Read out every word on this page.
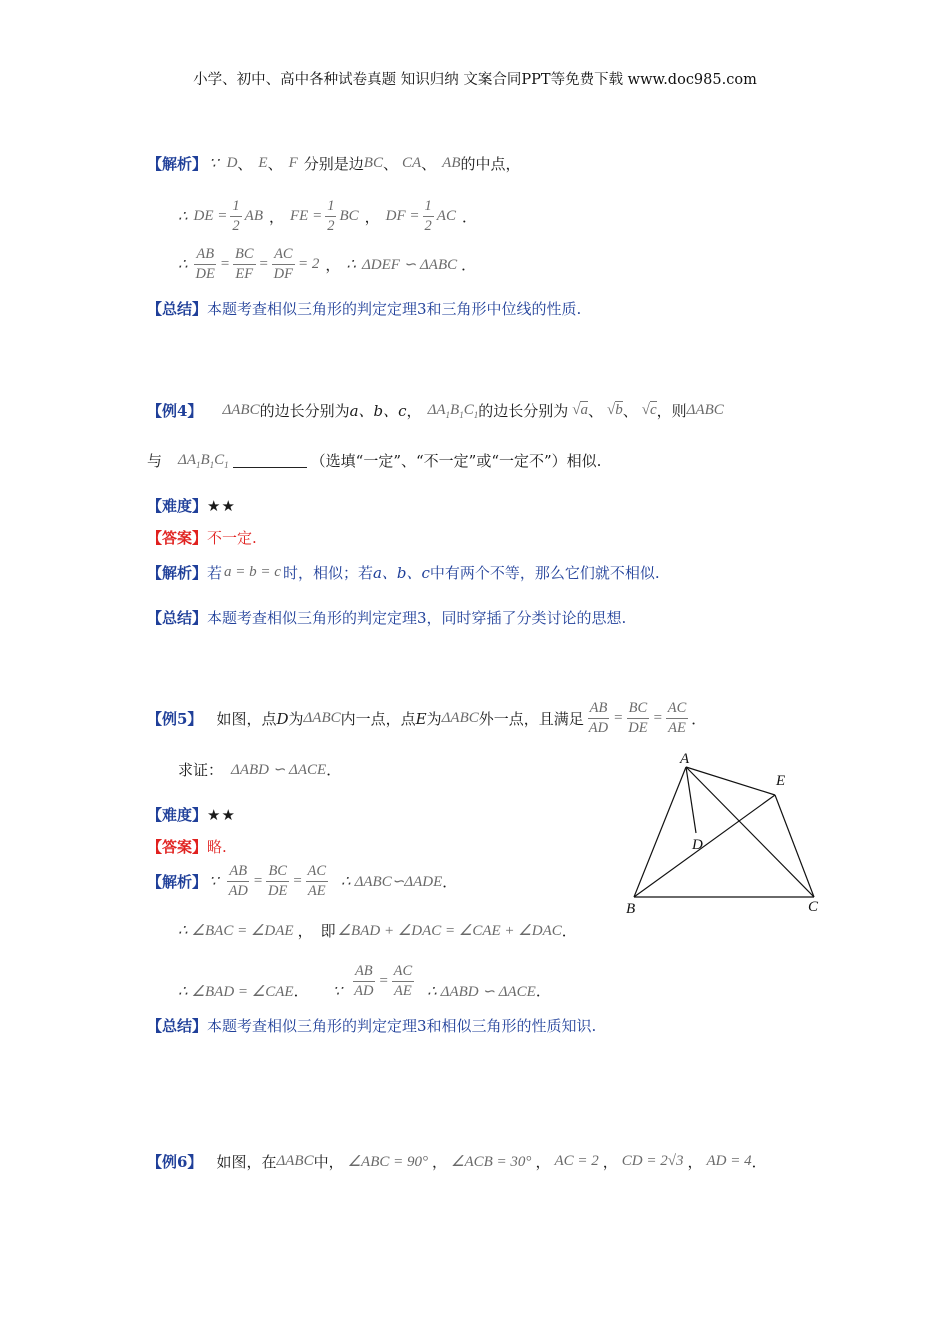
小学、初中、高中各种试卷真题 知识归纳 文案合同PPT等免费下载 www.doc985.com
【解析】 ∵ D 、 E 、 F 分别是边 BC 、 CA 、 AB 的中点，
∴ DE = $\frac{1}{2}$ AB ， FE = $\frac{1}{2}$ BC ， DF = $\frac{1}{2}$ AC ．
∴ $\frac{AB}{DE} = \frac{BC}{EF} = \frac{AC}{DF} = 2$ ， ∴ ΔDEF ∽ ΔABC ．
【总结】本题考查相似三角形的判定定理3和三角形中位线的性质.
【例4】 ΔABC 的边长分别为 a、b、c ， $\Delta A_1B_1C_1$ 的边长分别为 √a 、 √b 、 √c ，则 ΔABC
与 $\Delta A_1B_1C_1$	（选填“一定”、“不一定”或“一定不”）相似.
【难度】★★
【答案】不一定.
【解析】 若 a = b = c 时，相似；若 a、b、c 中有两个不等，那么它们就不相似.
【总结】本题考查相似三角形的判定定理3，同时穿插了分类讨论的思想.
【例5】 如图，点 D 为 ΔABC 内一点，点 E 为 ΔABC 外一点，且满足 $\frac{AB}{AD} = \frac{BC}{DE} = \frac{AC}{AE}$ ．
求证： ΔABD ∽ ΔACE ．
【难度】★★
【答案】略.
【解析】 ∵ $\frac{AB}{AD} = \frac{BC}{DE} = \frac{AC}{AE}$ ∴ ΔABC∽ΔADE ．
∴ ∠BAC = ∠DAE ， 即 ∠BAD + ∠DAC = ∠CAE + ∠DAC ．
∴ ∠BAD = ∠CAE ． ∵ $\frac{AB}{AD} = \frac{AC}{AE}$ ∴ ΔABD ∽ ΔACE ．
【总结】本题考查相似三角形的判定定理3和相似三角形的性质知识.
A
B	C
D
E
【例6】 如图，在 ΔABC 中， ∠ABC = 90° ， ∠ACB = 30° ， AC = 2 ， CD = 2√3 ， AD = 4 ．
